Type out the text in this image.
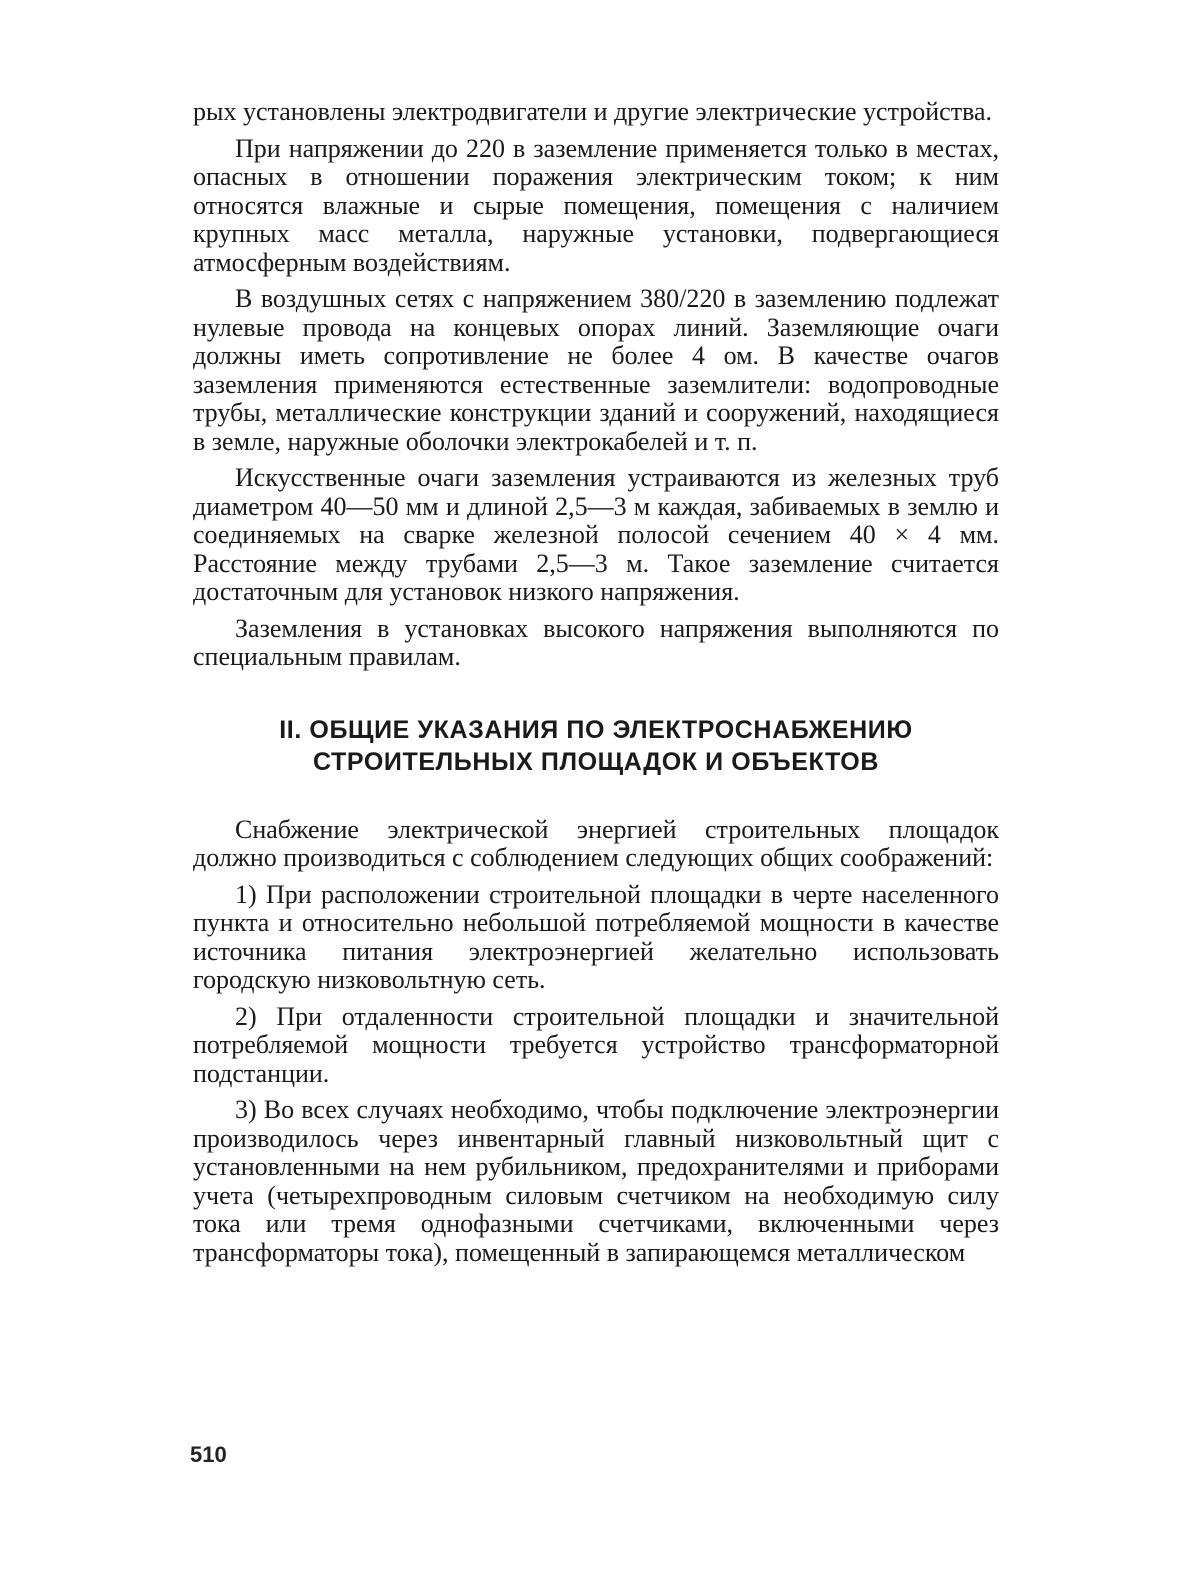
рых установлены электродвигатели и другие электрические устройства.

При напряжении до 220 в заземление применяется только в местах, опасных в отношении поражения электрическим током; к ним относятся влажные и сырые помещения, помещения с наличием крупных масс металла, наружные установки, подвергающиеся атмосферным воздействиям.

В воздушных сетях с напряжением 380/220 в заземлению подлежат нулевые провода на концевых опорах линий. Заземляющие очаги должны иметь сопротивление не более 4 ом. В качестве очагов заземления применяются естественные заземлители: водопроводные трубы, металлические конструкции зданий и сооружений, находящиеся в земле, наружные оболочки электрокабелей и т. п.

Искусственные очаги заземления устраиваются из железных труб диаметром 40—50 мм и длиной 2,5—3 м каждая, забиваемых в землю и соединяемых на сварке железной полосой сечением 40 × 4 мм. Расстояние между трубами 2,5—3 м. Такое заземление считается достаточным для установок низкого напряжения.

Заземления в установках высокого напряжения выполняются по специальным правилам.

II. ОБЩИЕ УКАЗАНИЯ ПО ЭЛЕКТРОСНАБЖЕНИЮ
СТРОИТЕЛЬНЫХ ПЛОЩАДОК И ОБЪЕКТОВ

Снабжение электрической энергией строительных площадок должно производиться с соблюдением следующих общих соображений:

1) При расположении строительной площадки в черте населенного пункта и относительно небольшой потребляемой мощности в качестве источника питания электроэнергией желательно использовать городскую низковольтную сеть.

2) При отдаленности строительной площадки и значительной потребляемой мощности требуется устройство трансформаторной подстанции.

3) Во всех случаях необходимо, чтобы подключение электроэнергии производилось через инвентарный главный низковольтный щит с установленными на нем рубильником, предохранителями и приборами учета (четырехпроводным силовым счетчиком на необходимую силу тока или тремя однофазными счетчиками, включенными через трансформаторы тока), помещенный в запирающемся металлическом

510
